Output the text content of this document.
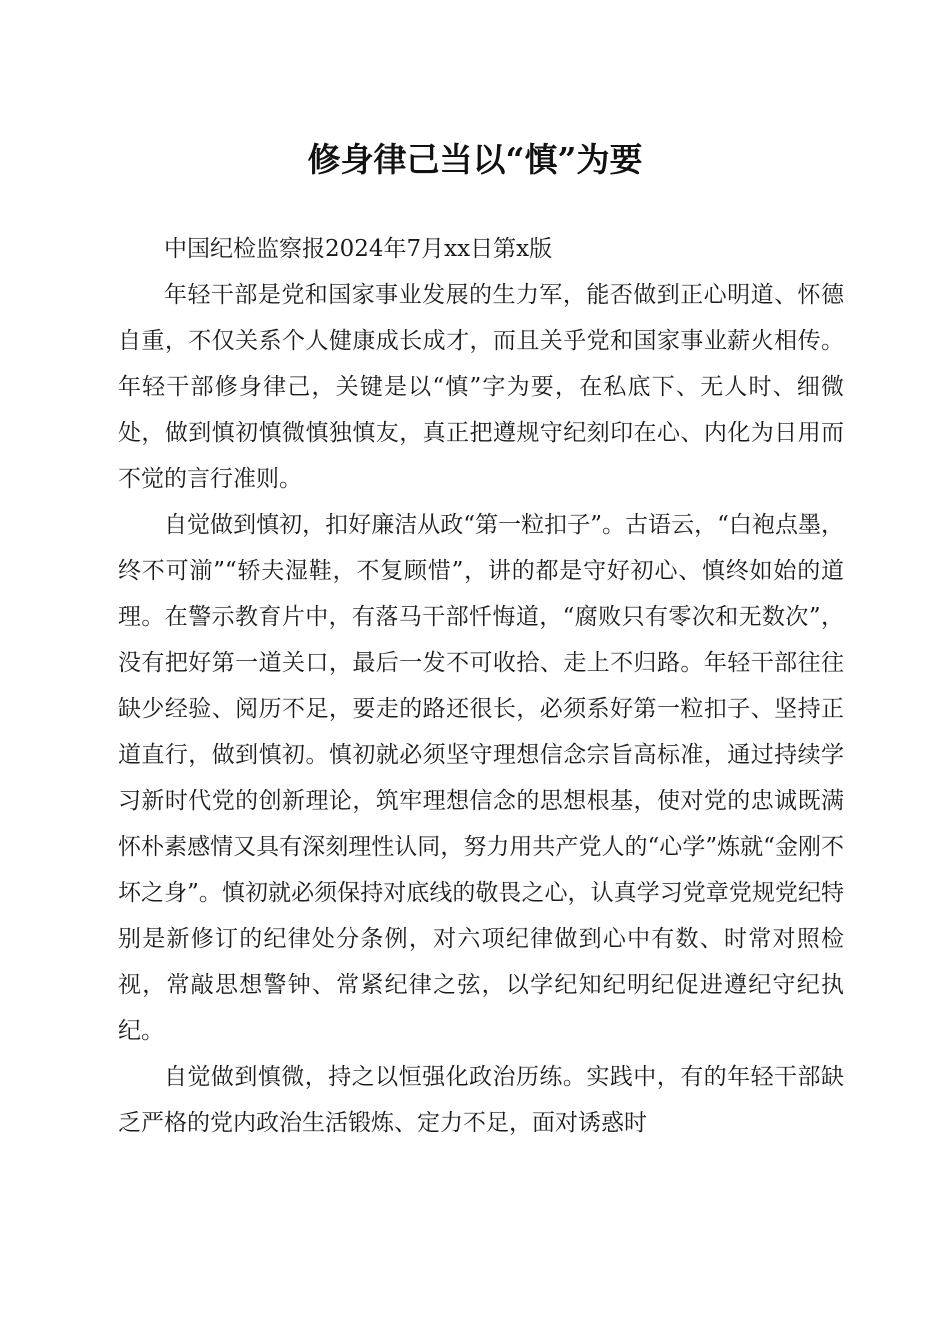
修身律己当以“慎”为要

中国纪检监察报2024年7月xx日第x版

年轻干部是党和国家事业发展的生力军，能否做到正心明道、怀德自重，不仅关系个人健康成长成才，而且关乎党和国家事业薪火相传。年轻干部修身律己，关键是以“慎”字为要，在私底下、无人时、细微处，做到慎初慎微慎独慎友，真正把遵规守纪刻印在心、内化为日用而不觉的言行准则。

自觉做到慎初，扣好廉洁从政“第一粒扣子”。古语云，“白袍点墨，终不可湔”“轿夫湿鞋，不复顾惜”，讲的都是守好初心、慎终如始的道理。在警示教育片中，有落马干部忏悔道，“腐败只有零次和无数次”，没有把好第一道关口，最后一发不可收拾、走上不归路。年轻干部往往缺少经验、阅历不足，要走的路还很长，必须系好第一粒扣子、坚持正道直行，做到慎初。慎初就必须坚守理想信念宗旨高标准，通过持续学习新时代党的创新理论，筑牢理想信念的思想根基，使对党的忠诚既满怀朴素感情又具有深刻理性认同，努力用共产党人的“心学”炼就“金刚不坏之身”。慎初就必须保持对底线的敬畏之心，认真学习党章党规党纪特别是新修订的纪律处分条例，对六项纪律做到心中有数、时常对照检视，常敲思想警钟、常紧纪律之弦，以学纪知纪明纪促进遵纪守纪执纪。

自觉做到慎微，持之以恒强化政治历练。实践中，有的年轻干部缺乏严格的党内政治生活锻炼、定力不足，面对诱惑时
